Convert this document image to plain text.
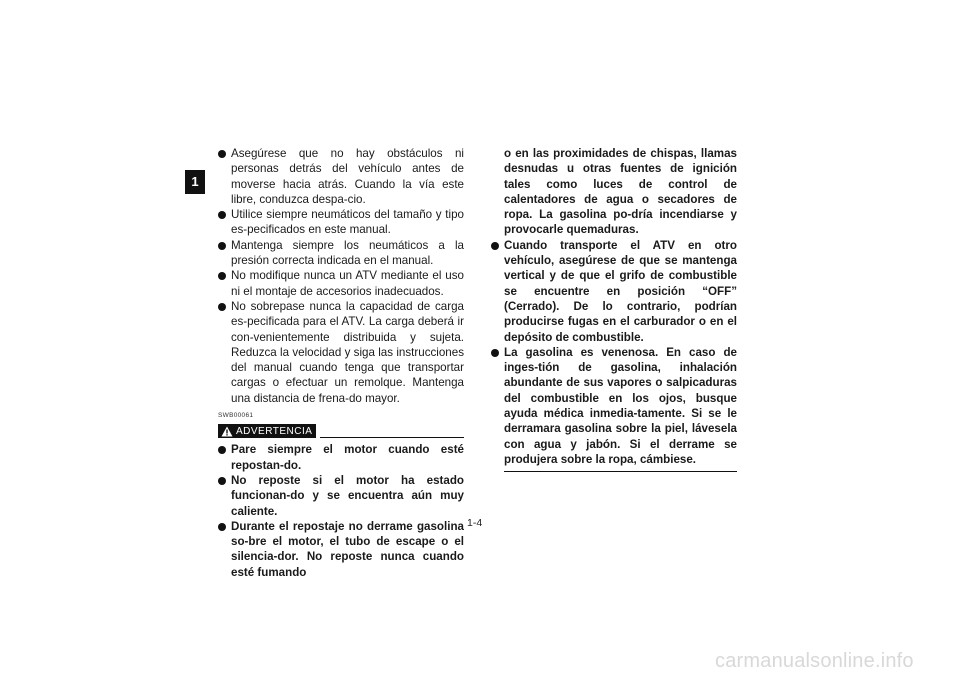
1
Asegúrese que no hay obstáculos ni personas detrás del vehículo antes de moverse hacia atrás. Cuando la vía este libre, conduzca despa-cio.
Utilice siempre neumáticos del tamaño y tipo es-pecificados en este manual.
Mantenga siempre los neumáticos a la presión correcta indicada en el manual.
No modifique nunca un ATV mediante el uso ni el montaje de accesorios inadecuados.
No sobrepase nunca la capacidad de carga es-pecificada para el ATV. La carga deberá ir con-venientemente distribuida y sujeta. Reduzca la velocidad y siga las instrucciones del manual cuando tenga que transportar cargas o efectuar un remolque. Mantenga una distancia de frena-do mayor.
SWB00061
ADVERTENCIA
Pare siempre el motor cuando esté repostan-do.
No reposte si el motor ha estado funcionan-do y se encuentra aún muy caliente.
Durante el repostaje no derrame gasolina so-bre el motor, el tubo de escape o el silencia-dor. No reposte nunca cuando esté fumando
o en las proximidades de chispas, llamas desnudas u otras fuentes de ignición tales como luces de control de calentadores de agua o secadores de ropa. La gasolina po-dría incendiarse y provocarle quemaduras.
Cuando transporte el ATV en otro vehículo, asegúrese de que se mantenga vertical y de que el grifo de combustible se encuentre en posición “OFF” (Cerrado). De lo contrario, podrían producirse fugas en el carburador o en el depósito de combustible.
La gasolina es venenosa. En caso de inges-tión de gasolina, inhalación abundante de sus vapores o salpicaduras del combustible en los ojos, busque ayuda médica inmedia-tamente. Si se le derramara gasolina sobre la piel, lávesela con agua y jabón. Si el derrame se produjera sobre la ropa, cámbiese.
1-4
carmanualsonline.info
